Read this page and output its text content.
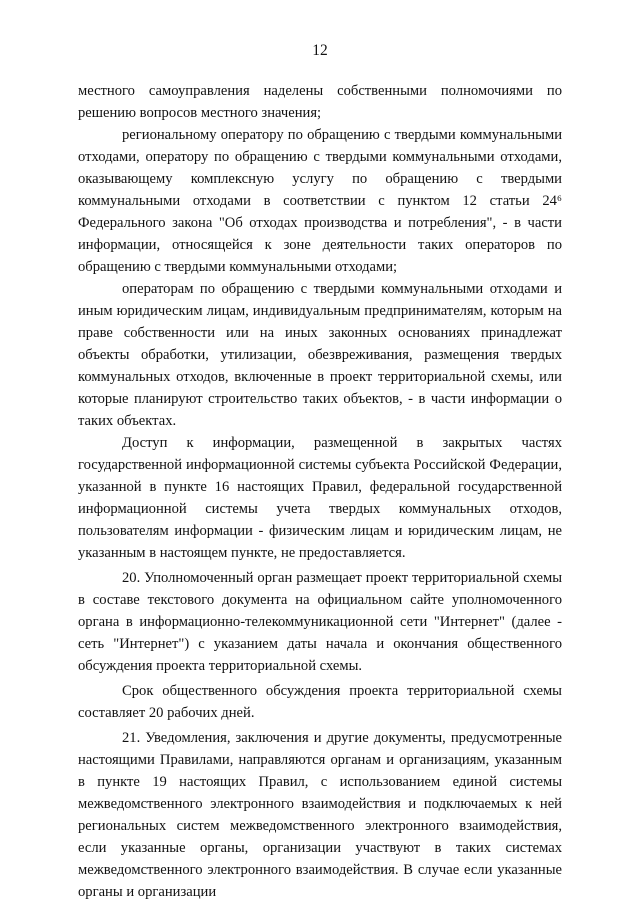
12

местного самоуправления наделены собственными полномочиями по решению вопросов местного значения;

региональному оператору по обращению с твердыми коммунальными отходами, оператору по обращению с твердыми коммунальными отходами, оказывающему комплексную услугу по обращению с твердыми коммунальными отходами в соответствии с пунктом 12 статьи 24⁶ Федерального закона "Об отходах производства и потребления", - в части информации, относящейся к зоне деятельности таких операторов по обращению с твердыми коммунальными отходами;

операторам по обращению с твердыми коммунальными отходами и иным юридическим лицам, индивидуальным предпринимателям, которым на праве собственности или на иных законных основаниях принадлежат объекты обработки, утилизации, обезвреживания, размещения твердых коммунальных отходов, включенные в проект территориальной схемы, или которые планируют строительство таких объектов, - в части информации о таких объектах.

Доступ к информации, размещенной в закрытых частях государственной информационной системы субъекта Российской Федерации, указанной в пункте 16 настоящих Правил, федеральной государственной информационной системы учета твердых коммунальных отходов, пользователям информации - физическим лицам и юридическим лицам, не указанным в настоящем пункте, не предоставляется.

20. Уполномоченный орган размещает проект территориальной схемы в составе текстового документа на официальном сайте уполномоченного органа в информационно-телекоммуникационной сети "Интернет" (далее - сеть "Интернет") с указанием даты начала и окончания общественного обсуждения проекта территориальной схемы.

Срок общественного обсуждения проекта территориальной схемы составляет 20 рабочих дней.

21. Уведомления, заключения и другие документы, предусмотренные настоящими Правилами, направляются органам и организациям, указанным в пункте 19 настоящих Правил, с использованием единой системы межведомственного электронного взаимодействия и подключаемых к ней региональных систем межведомственного электронного взаимодействия, если указанные органы, организации участвуют в таких системах межведомственного электронного взаимодействия. В случае если указанные органы и организации
